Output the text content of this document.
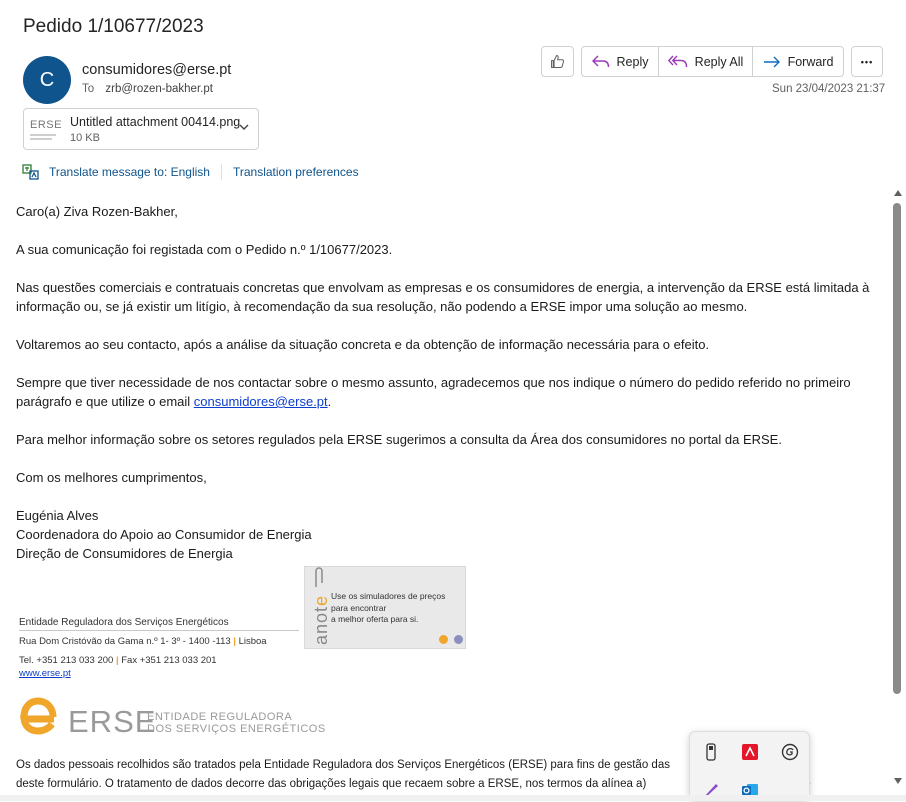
Pedido 1/10677/2023
C consumidores@erse.pt
To zrb@rozen-bakher.pt
Reply	Reply All	Forward	•••
Sun 23/04/2023 21:37
ERSE Untitled attachment 00414.png
10 KB
Translate message to: English Translation preferences

Caro(a) Ziva Rozen-Bakher,

A sua comunicação foi registada com o Pedido n.º 1/10677/2023.

Nas questões comerciais e contratuais concretas que envolvam as empresas e os consumidores de energia, a intervenção da ERSE está limitada à informação ou, se já existir um litígio, à recomendação da sua resolução, não podendo a ERSE impor uma solução ao mesmo.

Voltaremos ao seu contacto, após a análise da situação concreta e da obtenção de informação necessária para o efeito.

Sempre que tiver necessidade de nos contactar sobre o mesmo assunto, agradecemos que nos indique o número do pedido referido no primeiro parágrafo e que utilize o email consumidores@erse.pt.

Para melhor informação sobre os setores regulados pela ERSE sugerimos a consulta da Área dos consumidores no portal da ERSE.

Com os melhores cumprimentos,

Eugénia Alves

Coordenadora do Apoio ao Consumidor de Energia

Direção de Consumidores de Energia

anote Use os simuladores de preços
para encontrar
a melhor oferta para si.
Entidade Reguladora dos Serviços Energéticos
Rua Dom Cristóvão da Gama n.º 1- 3º - 1400 -113 | Lisboa
Tel. +351 213 033 200 | Fax +351 213 033 201
www.erse.pt
ERSE
ENTIDADE REGULADORA
DOS SERVIÇOS ENERGÉTICOS
Os dados pessoais recolhidos são tratados pela Entidade Reguladora dos Serviços Energéticos (ERSE) para fins de gestão das
deste formulário. O tratamento de dados decorre das obrigações legais que recaem sobre a ERSE, nos termos da alínea a)
